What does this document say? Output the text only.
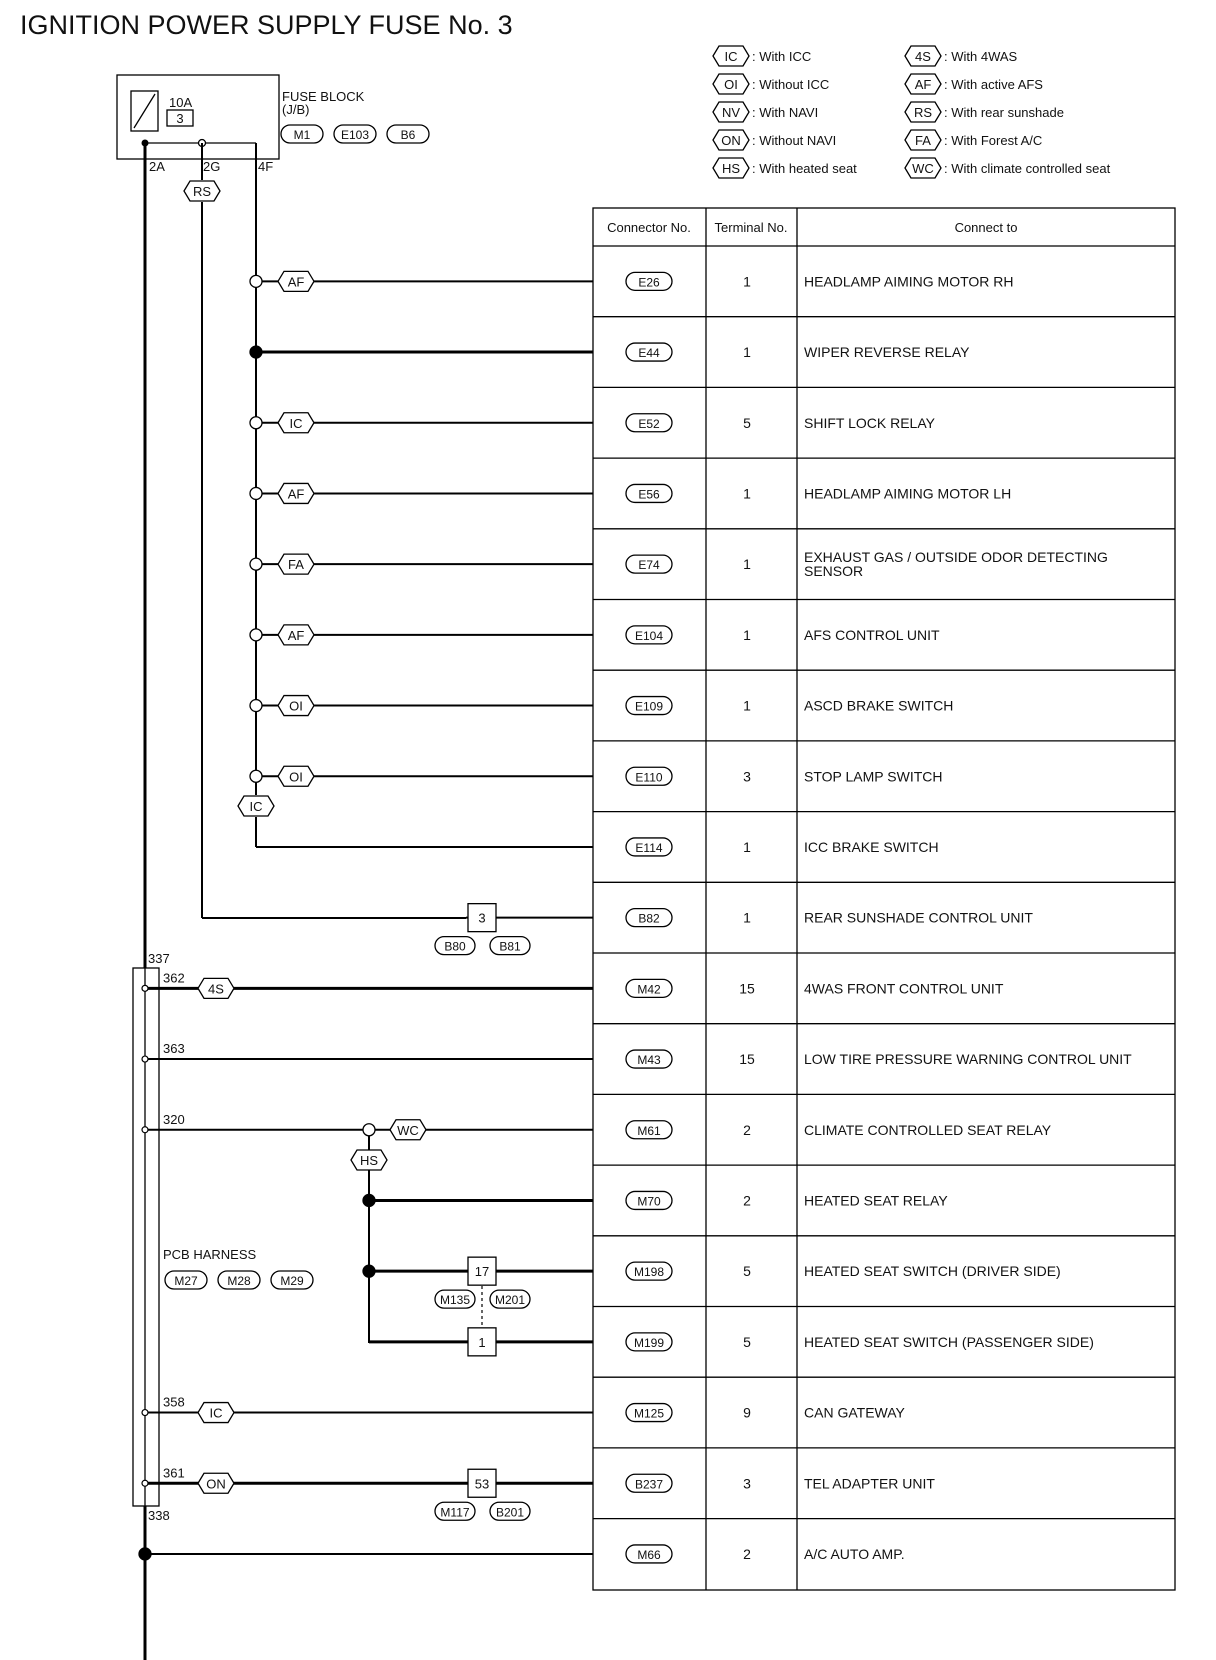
IGNITION POWER SUPPLY FUSE No. 3
IC : With ICC
OI : Without ICC
NV : With NAVI
ON : Without NAVI
HS : With heated seat
4S : With 4WAS
AF : With active AFS
RS : With rear sunshade
FA : With Forest A/C
WC : With climate controlled seat
10A
3
FUSE BLOCK
(J/B)
M1	E103	B6
2A	2G	4F
RS
IC
HS
337
338
PCB HARNESS
M27 M28 M29
AF
IC
AF
FA
AF
OI
OI
362
4S
363
320
WC
358
IC
361
ON
3
B80	B81
17
M135 M201
1
53
M117 B201
Connector No. Terminal No.	Connect to
E26	1	HEADLAMP AIMING MOTOR RH
E44	1	WIPER REVERSE RELAY
E52	5	SHIFT LOCK RELAY
E56	1	HEADLAMP AIMING MOTOR LH
E74	1	EXHAUST GAS / OUTSIDE ODOR DETECTING
SENSOR
E104	1	AFS CONTROL UNIT
E109	1	ASCD BRAKE SWITCH
E110	3	STOP LAMP SWITCH
E114	1	ICC BRAKE SWITCH
B82	1	REAR SUNSHADE CONTROL UNIT
M42	15	4WAS FRONT CONTROL UNIT
M43	15	LOW TIRE PRESSURE WARNING CONTROL UNIT
M61	2	CLIMATE CONTROLLED SEAT RELAY
M70	2	HEATED SEAT RELAY
M198	5	HEATED SEAT SWITCH (DRIVER SIDE)
M199	5	HEATED SEAT SWITCH (PASSENGER SIDE)
M125	9	CAN GATEWAY
B237	3	TEL ADAPTER UNIT
M66	2	A/C AUTO AMP.
